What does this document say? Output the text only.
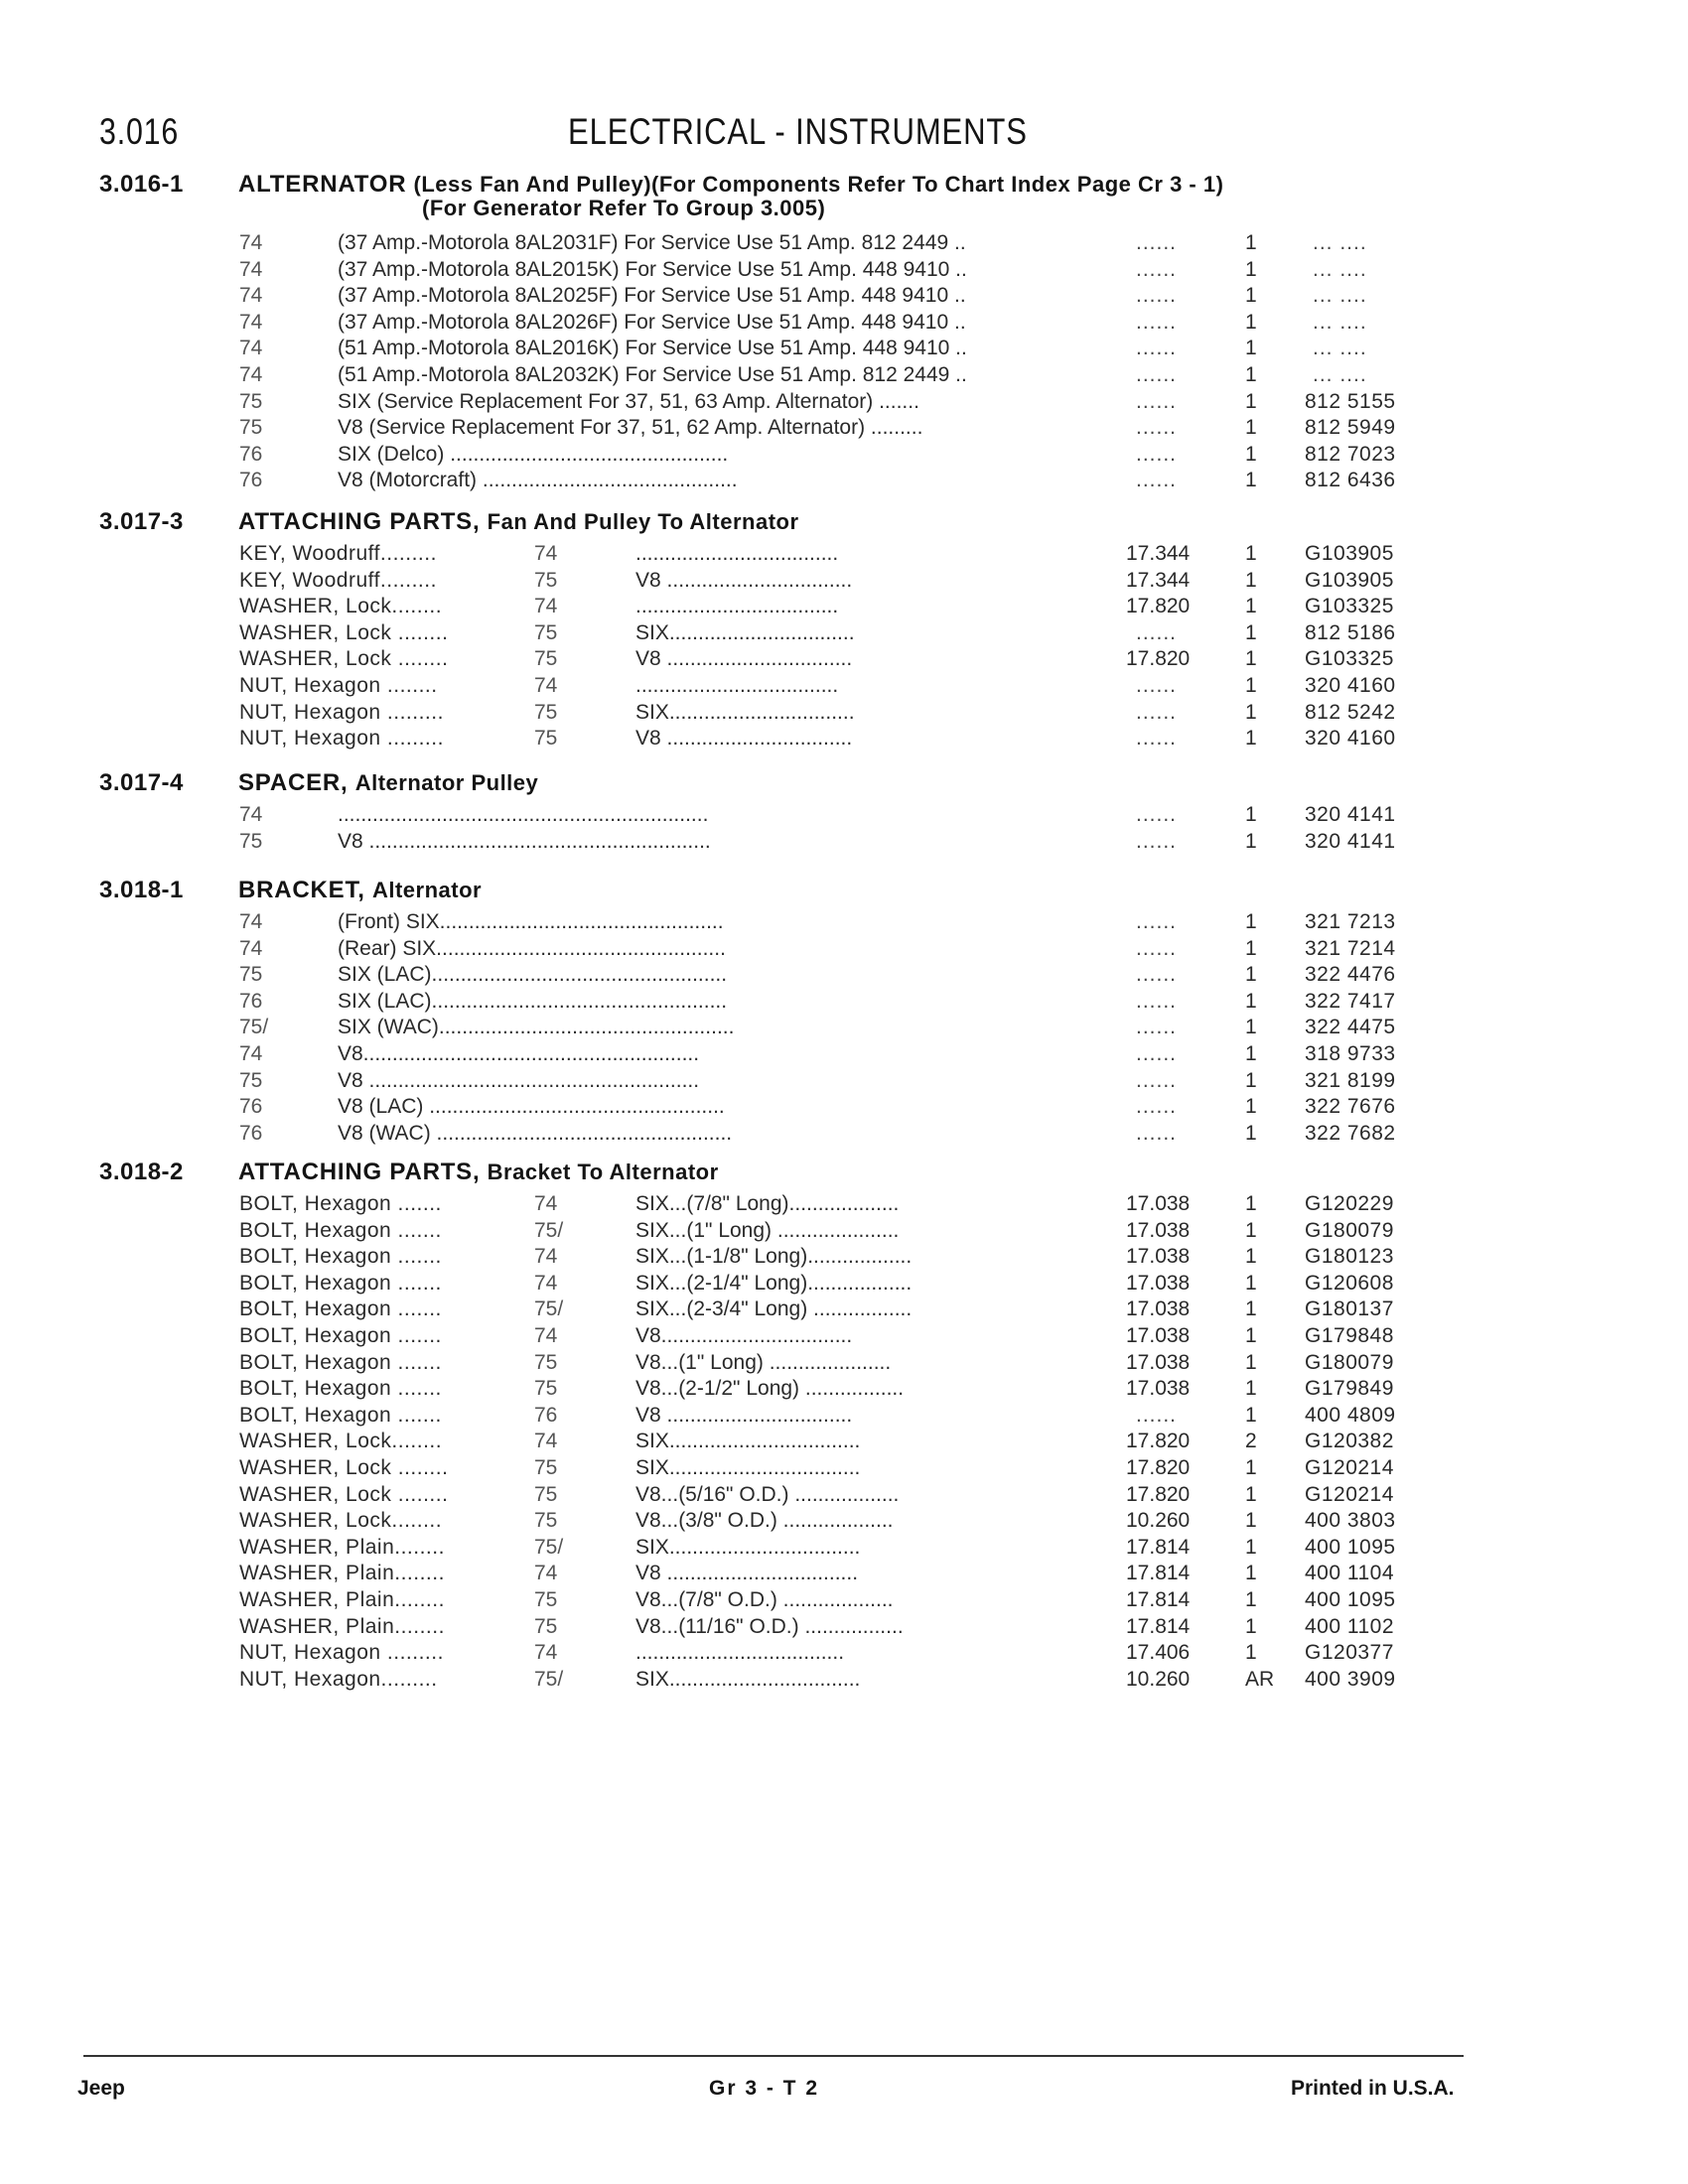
3.016	ELECTRICAL - INSTRUMENTS
3.016-1 ALTERNATOR (Less Fan And Pulley)(For Components Refer To Chart Index Page Cr 3 - 1)
(For Generator Refer To Group 3.005)
74	(37 Amp.-Motorola 8AL2031F) For Service Use 51 Amp. 812 2449 ..	......	1	... ....
74	(37 Amp.-Motorola 8AL2015K) For Service Use 51 Amp. 448 9410 ..	......	1	... ....
74	(37 Amp.-Motorola 8AL2025F) For Service Use 51 Amp. 448 9410 ..	......	1	... ....
74	(37 Amp.-Motorola 8AL2026F) For Service Use 51 Amp. 448 9410 ..	......	1	... ....
74	(51 Amp.-Motorola 8AL2016K) For Service Use 51 Amp. 448 9410 ..	......	1	... ....
74	(51 Amp.-Motorola 8AL2032K) For Service Use 51 Amp. 812 2449 ..	......	1	... ....
75	SIX (Service Replacement For 37, 51, 63 Amp. Alternator) .......	......	1 812 5155
75	V8 (Service Replacement For 37, 51, 62 Amp. Alternator) .........	......	1 812 5949
76	SIX (Delco) ................................................	......	1 812 7023
76	V8 (Motorcraft) ............................................	......	1 812 6436
3.017-3 ATTACHING PARTS, Fan And Pulley To Alternator
KEY, Woodruff.........	74	...................................	17.344	1 G103905
KEY, Woodruff.........	75	V8 ................................	17.344	1 G103905
WASHER, Lock........	74	...................................	17.820	1 G103325
WASHER, Lock ........	75	SIX................................	......	1 812 5186
WASHER, Lock ........	75	V8 ................................	17.820	1 G103325
NUT, Hexagon ........	74	...................................	......	1 320 4160
NUT, Hexagon .........	75	SIX................................	......	1 812 5242
NUT, Hexagon .........	75	V8 ................................	......	1 320 4160
3.017-4 SPACER, Alternator Pulley
74	................................................................	......	1 320 4141
75	V8 ...........................................................	......	1 320 4141
3.018-1 BRACKET, Alternator
74	(Front) SIX.................................................	......	1 321 7213
74	(Rear) SIX..................................................	......	1 321 7214
75	SIX (LAC)...................................................	......	1 322 4476
76	SIX (LAC)...................................................	......	1 322 7417
75/	SIX (WAC)...................................................	......	1 322 4475
74	V8..........................................................	......	1 318 9733
75	V8 .........................................................	......	1 321 8199
76	V8 (LAC) ...................................................	......	1 322 7676
76	V8 (WAC) ...................................................	......	1 322 7682
3.018-2 ATTACHING PARTS, Bracket To Alternator
BOLT, Hexagon .......	74	SIX...(7/8" Long)...................	17.038	1 G120229
BOLT, Hexagon .......	75/	SIX...(1" Long) .....................	17.038	1 G180079
BOLT, Hexagon .......	74	SIX...(1-1/8" Long)..................	17.038	1 G180123
BOLT, Hexagon .......	74	SIX...(2-1/4" Long)..................	17.038	1 G120608
BOLT, Hexagon .......	75/	SIX...(2-3/4" Long) .................	17.038	1 G180137
BOLT, Hexagon .......	74	V8.................................	17.038	1 G179848
BOLT, Hexagon .......	75	V8...(1" Long) .....................	17.038	1 G180079
BOLT, Hexagon .......	75	V8...(2-1/2" Long) .................	17.038	1 G179849
BOLT, Hexagon .......	76	V8 ................................	......	1 400 4809
WASHER, Lock........	74	SIX.................................	17.820	2 G120382
WASHER, Lock ........	75	SIX.................................	17.820	1 G120214
WASHER, Lock ........	75	V8...(5/16" O.D.) ..................	17.820	1 G120214
WASHER, Lock........	75	V8...(3/8" O.D.) ...................	10.260	1 400 3803
WASHER, Plain........	75/	SIX.................................	17.814	1 400 1095
WASHER, Plain........	74	V8 .................................	17.814	1 400 1104
WASHER, Plain........	75	V8...(7/8" O.D.) ...................	17.814	1 400 1095
WASHER, Plain........	75	V8...(11/16" O.D.) .................	17.814	1 400 1102
NUT, Hexagon .........	74	....................................	17.406	1 G120377
NUT, Hexagon.........	75/	SIX.................................	10.260	AR 400 3909
Jeep	Gr 3 - T 2	Printed in U.S.A.
